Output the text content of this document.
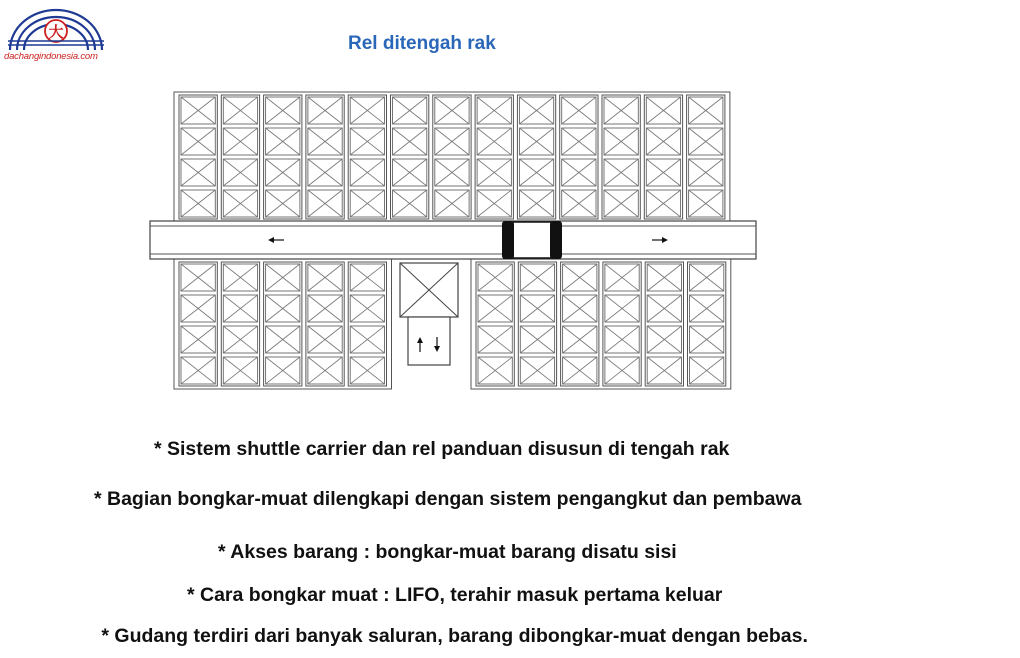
大
dachangindonesia.com
Rel ditengah rak
* Sistem shuttle carrier dan rel panduan disusun di tengah rak
* Bagian bongkar-muat dilengkapi dengan sistem pengangkut dan pembawa
* Akses barang : bongkar-muat barang disatu sisi
* Cara bongkar muat : LIFO, terahir masuk pertama keluar
* Gudang terdiri dari banyak saluran, barang dibongkar-muat dengan bebas.
